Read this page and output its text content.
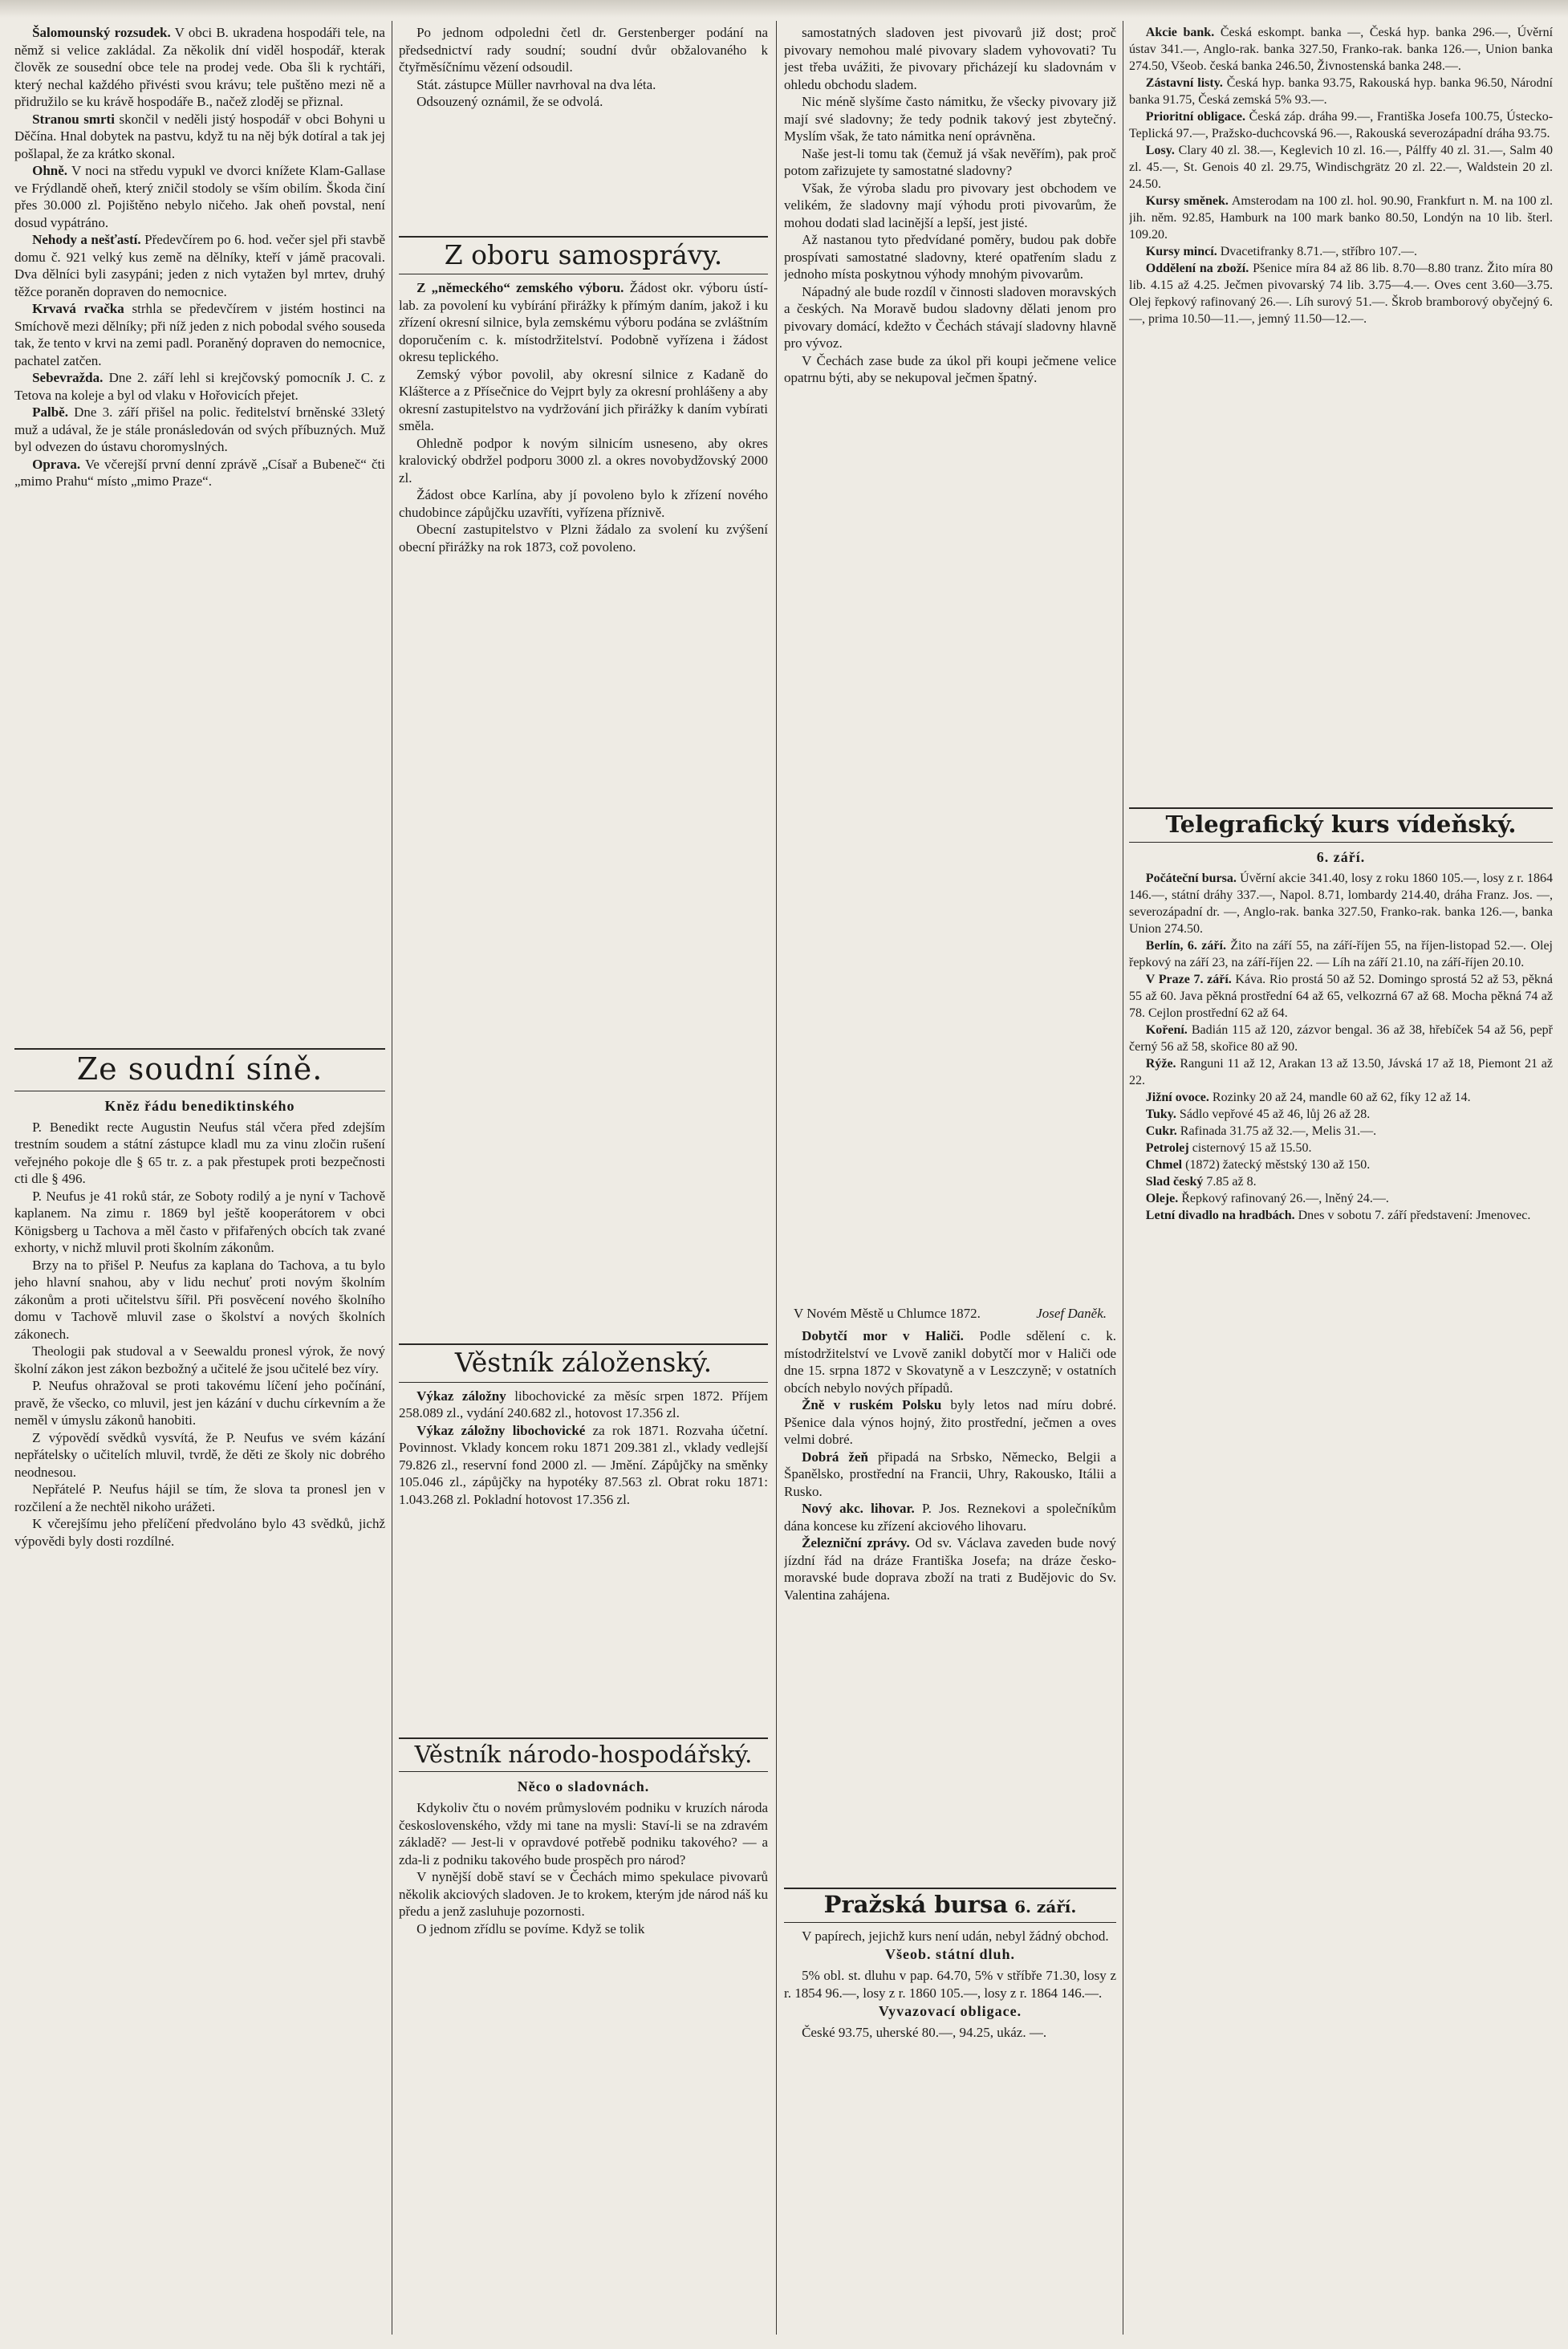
Šalomounský rozsudek. V obci B. ukradena hospodáři tele, na němž si velice zakládal. Za několik dní viděl hospodář, kterak člověk ze sousední obce tele na prodej vede. Oba šli k rychtáři, který nechal každého přivésti svou krávu; tele puštěno mezi ně a přidružilo se ku krávě hospodáře B., načež zloděj se přiznal.

Stranou smrti skončil v neděli jistý hospodář v obci Bohyni u Děčína. Hnal dobytek na pastvu, když tu na něj býk dotíral a tak jej pošlapal, že za krátko skonal.

Ohně. V noci na středu vypukl ve dvorci knížete Klam-Gallase ve Frýdlandě oheň, který zničil stodoly se vším obilím. Škoda činí přes 30.000 zl. Pojištěno nebylo ničeho. Jak oheň povstal, není dosud vypátráno.

Nehody a nešťastí. Předevčírem po 6. hod. večer sjel při stavbě domu č. 921 velký kus země na dělníky, kteří v jámě pracovali. Dva dělníci byli zasypáni; jeden z nich vytažen byl mrtev, druhý těžce poraněn dopraven do nemocnice.

Krvavá rvačka strhla se předevčírem v jistém hostinci na Smíchově mezi dělníky; při níž jeden z nich pobodal svého souseda tak, že tento v krvi na zemi padl. Poraněný dopraven do nemocnice, pachatel zatčen.

Sebevražda. Dne 2. září lehl si krejčovský pomocník J. C. z Tetova na koleje a byl od vlaku v Hořovicích přejet.

Palbě. Dne 3. září přišel na polic. ředitelství brněnské 33letý muž a udával, že je stále pronásledován od svých příbuzných. Muž byl odvezen do ústavu choromyslných.

Oprava. Ve včerejší první denní zprávě „Císař a Bubeneč“ čti „mimo Prahu“ místo „mimo Praze“.

Ze soudní síně.
Kněz řádu benediktinského

P. Benedikt recte Augustin Neufus stál včera před zdejším trestním soudem a státní zástupce kladl mu za vinu zločin rušení veřejného pokoje dle § 65 tr. z. a pak přestupek proti bezpečnosti cti dle § 496.

P. Neufus je 41 roků stár, ze Soboty rodilý a je nyní v Tachově kaplanem. Na zimu r. 1869 byl ještě kooperátorem v obci Königsberg u Tachova a měl často v přifařených obcích tak zvané exhorty, v nichž mluvil proti školním zákonům.

Brzy na to přišel P. Neufus za kaplana do Tachova, a tu bylo jeho hlavní snahou, aby v lidu nechuť proti novým školním zákonům a proti učitelstvu šířil. Při posvěcení nového školního domu v Tachově mluvil zase o školství a nových školních zákonech.

Theologii pak studoval a v Seewaldu pronesl výrok, že nový školní zákon jest zákon bezbožný a učitelé že jsou učitelé bez víry.

P. Neufus ohražoval se proti takovému líčení jeho počínání, pravě, že všecko, co mluvil, jest jen kázání v duchu církevním a že neměl v úmyslu zákonů hanobiti.

Z výpovědí svědků vysvítá, že P. Neufus ve svém kázání nepřátelsky o učitelích mluvil, tvrdě, že děti ze školy nic dobrého neodnesou.

Nepřátelé P. Neufus hájil se tím, že slova ta pronesl jen v rozčilení a že nechtěl nikoho urážeti.

K včerejšímu jeho přelíčení předvoláno bylo 43 svědků, jichž výpovědi byly dosti rozdílné.

Po jednom odpoledni četl dr. Gerstenberger podání na předsednictví rady soudní; soudní dvůr obžalovaného k čtyřměsíčnímu vězení odsoudil.

Stát. zástupce Müller navrhoval na dva léta.

Odsouzený oznámil, že se odvolá.

Z oboru samosprávy.

Z „německého“ zemského výboru. Žádost okr. výboru ústí-lab. za povolení ku vybírání přirážky k přímým daním, jakož i ku zřízení okresní silnice, byla zemskému výboru podána se zvláštním doporučením c. k. místodržitelství. Podobně vyřízena i žádost okresu teplického.

Zemský výbor povolil, aby okresní silnice z Kadaně do Klášterce a z Přísečnice do Vejprt byly za okresní prohlášeny a aby okresní zastupitelstvo na vydržování jich přirážky k daním vybírati směla.

Ohledně podpor k novým silnicím usneseno, aby okres kralovický obdržel podporu 3000 zl. a okres novobydžovský 2000 zl.

Žádost obce Karlína, aby jí povoleno bylo k zřízení nového chudobince zápůjčku uzavříti, vyřízena příznivě.

Obecní zastupitelstvo v Plzni žádalo za svolení ku zvýšení obecní přirážky na rok 1873, což povoleno.

Věstník záloženský.

Výkaz záložny libochovické za měsíc srpen 1872. Příjem 258.089 zl., vydání 240.682 zl., hotovost 17.356 zl.

Výkaz záložny libochovické za rok 1871. Rozvaha účetní. Povinnost. Vklady koncem roku 1871 209.381 zl., vklady vedlejší 79.826 zl., reservní fond 2000 zl. — Jmění. Zápůjčky na směnky 105.046 zl., zápůjčky na hypotéky 87.563 zl. Obrat roku 1871: 1.043.268 zl. Pokladní hotovost 17.356 zl.

Věstník národo-hospodářský.
Něco o sladovnách.

Kdykoliv čtu o novém průmyslovém podniku v kruzích národa československého, vždy mi tane na mysli: Staví-li se na zdravém základě? — Jest-li v opravdové potřebě podniku takového? — a zda-li z podniku takového bude prospěch pro národ?

V nynější době staví se v Čechách mimo spekulace pivovarů několik akciových sladoven. Je to krokem, kterým jde národ náš ku předu a jenž zasluhuje pozornosti.

O jednom zřídlu se povíme. Když se tolik

samostatných sladoven jest pivovarů již dost; proč pivovary nemohou malé pivovary sladem vyhovovati? Tu jest třeba uvážiti, že pivovary přicházejí ku sladovnám v ohledu obchodu sladem.

Nic méně slyšíme často námitku, že všecky pivovary již mají své sladovny; že tedy podnik takový jest zbytečný. Myslím však, že tato námitka není oprávněna.

Naše jest-li tomu tak (čemuž já však nevěřím), pak proč potom zařizujete ty samostatné sladovny?

Však, že výroba sladu pro pivovary jest obchodem ve velikém, že sladovny mají výhodu proti pivovarům, že mohou dodati slad lacinější a lepší, jest jisté.

Až nastanou tyto předvídané poměry, budou pak dobře prospívati samostatné sladovny, které opatřením sladu z jednoho místa poskytnou výhody mnohým pivovarům.

Nápadný ale bude rozdíl v činnosti sladoven moravských a českých. Na Moravě budou sladovny dělati jenom pro pivovary domácí, kdežto v Čechách stávají sladovny hlavně pro vývoz.

V Čechách zase bude za úkol při koupi ječmene velice opatrnu býti, aby se nekupoval ječmen špatný.

V Novém Městě u Chlumce 1872.	Josef Daněk.

Dobytčí mor v Haliči. Podle sdělení c. k. místodržitelství ve Lvově zanikl dobytčí mor v Haliči ode dne 15. srpna 1872 v Skovatyně a v Leszczyně; v ostatních obcích nebylo nových případů.

Žně v ruském Polsku byly letos nad míru dobré. Pšenice dala výnos hojný, žito prostřední, ječmen a oves velmi dobré.

Dobrá žeň připadá na Srbsko, Německo, Belgii a Španělsko, prostřední na Francii, Uhry, Rakousko, Itálii a Rusko.

Nový akc. lihovar. P. Jos. Reznekovi a společníkům dána koncese ku zřízení akciového lihovaru.

Železniční zprávy. Od sv. Václava zaveden bude nový jízdní řád na dráze Františka Josefa; na dráze česko-moravské bude doprava zboží na trati z Budějovic do Sv. Valentina zahájena.

Pražská bursa 6. září.

V papírech, jejichž kurs není udán, nebyl žádný obchod.

Všeob. státní dluh.

5% obl. st. dluhu v pap. 64.70, 5% v stříbře 71.30, losy z r. 1854 96.—, losy z r. 1860 105.—, losy z r. 1864 146.—.

Vyvazovací obligace.

České 93.75, uherské 80.—, 94.25, ukáz. —.

Akcie bank. Česká eskompt. banka —, Česká hyp. banka 296.—, Úvěrní ústav 341.—, Anglo-rak. banka 327.50, Franko-rak. banka 126.—, Union banka 274.50, Všeob. česká banka 246.50, Živnostenská banka 248.—.

Zástavní listy. Česká hyp. banka 93.75, Rakouská hyp. banka 96.50, Národní banka 91.75, Česká zemská 5% 93.—.

Prioritní obligace. Česká záp. dráha 99.—, Františka Josefa 100.75, Ústecko-Teplická 97.—, Pražsko-duchcovská 96.—, Rakouská severozápadní dráha 93.75.

Losy. Clary 40 zl. 38.—, Keglevich 10 zl. 16.—, Pálffy 40 zl. 31.—, Salm 40 zl. 45.—, St. Genois 40 zl. 29.75, Windischgrätz 20 zl. 22.—, Waldstein 20 zl. 24.50.

Kursy směnek. Amsterodam na 100 zl. hol. 90.90, Frankfurt n. M. na 100 zl. jih. něm. 92.85, Hamburk na 100 mark banko 80.50, Londýn na 10 lib. šterl. 109.20.

Kursy mincí. Dvacetifranky 8.71.—, stříbro 107.—.

Oddělení na zboží. Pšenice míra 84 až 86 lib. 8.70—8.80 tranz. Žito míra 80 lib. 4.15 až 4.25. Ječmen pivovarský 74 lib. 3.75—4.—. Oves cent 3.60—3.75. Olej řepkový rafinovaný 26.—. Líh surový 51.—. Škrob bramborový obyčejný 6.—, prima 10.50—11.—, jemný 11.50—12.—.

Telegrafický kurs vídeňský.
6. září.

Počáteční bursa. Úvěrní akcie 341.40, losy z roku 1860 105.—, losy z r. 1864 146.—, státní dráhy 337.—, Napol. 8.71, lombardy 214.40, dráha Franz. Jos. —, severozápadní dr. —, Anglo-rak. banka 327.50, Franko-rak. banka 126.—, banka Union 274.50.

Berlín, 6. září. Žito na září 55, na září-říjen 55, na říjen-listopad 52.—. Olej řepkový na září 23, na září-říjen 22. — Líh na září 21.10, na září-říjen 20.10.

V Praze 7. září. Káva. Rio prostá 50 až 52. Domingo sprostá 52 až 53, pěkná 55 až 60. Java pěkná prostřední 64 až 65, velkozrná 67 až 68. Mocha pěkná 74 až 78. Cejlon prostřední 62 až 64.

Koření. Badián 115 až 120, zázvor bengal. 36 až 38, hřebíček 54 až 56, pepř černý 56 až 58, skořice 80 až 90.

Rýže. Ranguni 11 až 12, Arakan 13 až 13.50, Jávská 17 až 18, Piemont 21 až 22.

Jižní ovoce. Rozinky 20 až 24, mandle 60 až 62, fíky 12 až 14.

Tuky. Sádlo vepřové 45 až 46, lůj 26 až 28.

Cukr. Rafinada 31.75 až 32.—, Melis 31.—.

Petrolej cisternový 15 až 15.50.

Chmel (1872) žatecký městský 130 až 150.

Slad český 7.85 až 8.

Oleje. Řepkový rafinovaný 26.—, lněný 24.—.

Letní divadlo na hradbách. Dnes v sobotu 7. září představení: Jmenovec.
